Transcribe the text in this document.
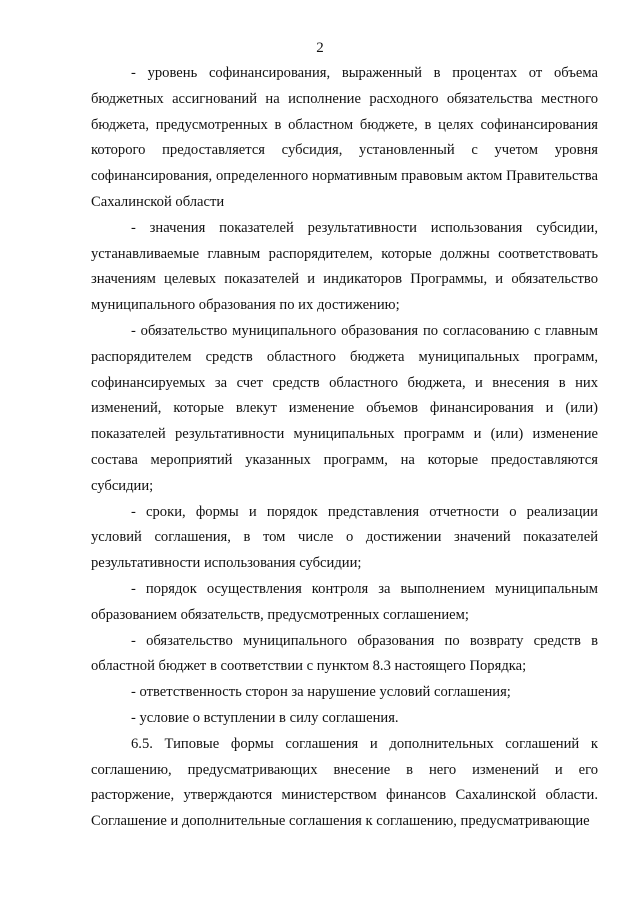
2

- уровень софинансирования, выраженный в процентах от объема бюджетных ассигнований на исполнение расходного обязательства местного бюджета, предусмотренных в областном бюджете, в целях софинансирования которого предоставляется субсидия, установленный с учетом уровня софинансирования, определенного нормативным правовым актом Правительства Сахалинской области

- значения показателей результативности использования субсидии, устанавливаемые главным распорядителем, которые должны соответствовать значениям целевых показателей и индикаторов Программы, и обязательство муниципального образования по их достижению;

- обязательство муниципального образования по согласованию с главным распорядителем средств областного бюджета муниципальных программ, софинансируемых за счет средств областного бюджета, и внесения в них изменений, которые влекут изменение объемов финансирования и (или) показателей результативности муниципальных программ и (или) изменение состава мероприятий указанных программ, на которые предоставляются субсидии;

- сроки, формы и порядок представления отчетности о реализации условий соглашения, в том числе о достижении значений показателей результативности использования субсидии;

- порядок осуществления контроля за выполнением муниципальным образованием обязательств, предусмотренных соглашением;

- обязательство муниципального образования по возврату средств в областной бюджет в соответствии с пунктом 8.3 настоящего Порядка;

- ответственность сторон за нарушение условий соглашения;

- условие о вступлении в силу соглашения.

6.5. Типовые формы соглашения и дополнительных соглашений к соглашению, предусматривающих внесение в него изменений и его расторжение, утверждаются министерством финансов Сахалинской области. Соглашение и дополнительные соглашения к соглашению, предусматривающие
